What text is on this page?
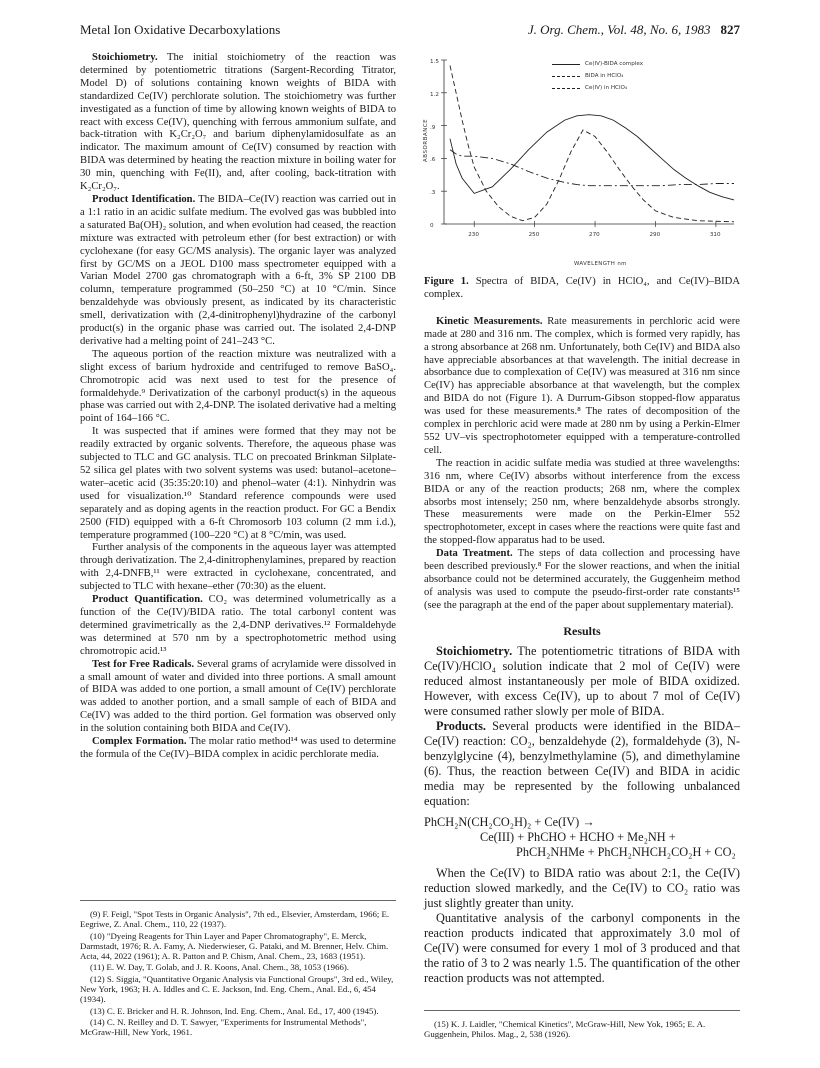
Metal Ion Oxidative Decarboxylations	J. Org. Chem., Vol. 48, No. 6, 1983 827

Stoichiometry. The initial stoichiometry of the reaction was determined by potentiometric titrations (Sargent-Recording Titrator, Model D) of solutions containing known weights of BIDA with standardized Ce(IV) perchlorate solution. The stoichiometry was further investigated as a function of time by allowing known weights of BIDA to react with excess Ce(IV), quenching with ferrous ammonium sulfate, and back-titration with K₂Cr₂O₇ and barium diphenylamidosulfate as an indicator. The maximum amount of Ce(IV) consumed by reaction with BIDA was determined by heating the reaction mixture in boiling water for 30 min, quenching with Fe(II), and, after cooling, back-titration with K₂Cr₂O₇.

Product Identification. The BIDA–Ce(IV) reaction was carried out in a 1:1 ratio in an acidic sulfate medium. The evolved gas was bubbled into a saturated Ba(OH)₂ solution, and when evolution had ceased, the reaction mixture was extracted with petroleum ether (for best extraction) or with cyclohexane (for easy GC/MS analysis). The organic layer was analyzed first by GC/MS on a JEOL D100 mass spectrometer equipped with a Varian Model 2700 gas chromatograph with a 6-ft, 3% SP 2100 DB column, temperature programmed (50–250 °C) at 10 °C/min. Since benzaldehyde was obviously present, as indicated by its characteristic smell, derivatization with (2,4-dinitrophenyl)hydrazine of the carbonyl product(s) in the organic phase was carried out. The isolated 2,4-DNP derivative had a melting point of 241–243 °C.

The aqueous portion of the reaction mixture was neutralized with a slight excess of barium hydroxide and centrifuged to remove BaSO₄. Chromotropic acid was next used to test for the presence of formaldehyde.⁹ Derivatization of the carbonyl product(s) in the aqueous phase was carried out with 2,4-DNP. The isolated derivative had a melting point of 164–166 °C.

It was suspected that if amines were formed that they may not be readily extracted by organic solvents. Therefore, the aqueous phase was subjected to TLC and GC analysis. TLC on precoated Brinkman Silplate-52 silica gel plates with two solvent systems was used: butanol–acetone–water–acetic acid (35:35:20:10) and phenol–water (4:1). Ninhydrin was used for visualization.¹⁰ Standard reference compounds were used separately and as doping agents in the reaction product. For GC a Bendix 2500 (FID) equipped with a 6-ft Chromosorb 103 column (2 mm i.d.), temperature programmed (100–220 °C) at 8 °C/min, was used.

Further analysis of the components in the aqueous layer was attempted through derivatization. The 2,4-dinitrophenylamines, prepared by reaction with 2,4-DNFB,¹¹ were extracted in cyclohexane, concentrated, and subjected to TLC with hexane–ether (70:30) as the eluent.

Product Quantification. CO₂ was determined volumetrically as a function of the Ce(IV)/BIDA ratio. The total carbonyl content was determined gravimetrically as the 2,4-DNP derivatives.¹² Formaldehyde was determined at 570 nm by a spectrophotometric method using chromotropic acid.¹³

Test for Free Radicals. Several grams of acrylamide were dissolved in a small amount of water and divided into three portions. A small amount of BIDA was added to one portion, a small amount of Ce(IV) perchlorate was added to another portion, and a small sample of each of BIDA and Ce(IV) was added to the third portion. Gel formation was observed only in the solution containing both BIDA and Ce(IV).

Complex Formation. The molar ratio method¹⁴ was used to determine the formula of the Ce(IV)–BIDA complex in acidic perchlorate media.

(9) F. Feigl, "Spot Tests in Organic Analysis", 7th ed., Elsevier, Amsterdam, 1966; E. Eegriwe, Z. Anal. Chem., 110, 22 (1937).

(10) "Dyeing Reagents for Thin Layer and Paper Chromatography", E. Merck, Darmstadt, 1976; R. A. Famy, A. Niederwieser, G. Pataki, and M. Brenner, Helv. Chim. Acta, 44, 2022 (1961); A. R. Patton and P. Chism, Anal. Chem., 23, 1683 (1951).

(11) E. W. Day, T. Golab, and J. R. Koons, Anal. Chem., 38, 1053 (1966).

(12) S. Siggia, "Quantitative Organic Analysis via Functional Groups", 3rd ed., Wiley, New York, 1963; H. A. Iddles and C. E. Jackson, Ind. Eng. Chem., Anal. Ed., 6, 454 (1934).

(13) C. E. Bricker and H. R. Johnson, Ind. Eng. Chem., Anal. Ed., 17, 400 (1945).

(14) C. N. Reilley and D. T. Sawyer, "Experiments for Instrumental Methods", McGraw-Hill, New York, 1961.

Ce(IV)-BIDA complex
BIDA in HClO₄
Ce(IV) in HClO₄
ABSORBANCE
WAVELENGTH nm
0
.3
.6
.9
1.2
1.5
230	250	270	290	310
Figure 1. Spectra of BIDA, Ce(IV) in HClO₄, and Ce(IV)–BIDA complex.

Kinetic Measurements. Rate measurements in perchloric acid were made at 280 and 316 nm. The complex, which is formed very rapidly, has a strong absorbance at 268 nm. Unfortunately, both Ce(IV) and BIDA also have appreciable absorbances at that wavelength. The initial decrease in absorbance due to complexation of Ce(IV) was measured at 316 nm since Ce(IV) has appreciable absorbance at that wavelength, but the complex and BIDA do not (Figure 1). A Durrum-Gibson stopped-flow apparatus was used for these measurements.⁸ The rates of decomposition of the complex in perchloric acid were made at 280 nm by using a Perkin-Elmer 552 UV–vis spectrophotometer equipped with a temperature-controlled cell.

The reaction in acidic sulfate media was studied at three wavelengths: 316 nm, where Ce(IV) absorbs without interference from the excess BIDA or any of the reaction products; 268 nm, where the complex absorbs most intensely; 250 nm, where benzaldehyde absorbs strongly. These measurements were made on the Perkin-Elmer 552 spectrophotometer, except in cases where the reactions were quite fast and the stopped-flow apparatus had to be used.

Data Treatment. The steps of data collection and processing have been described previously.⁸ For the slower reactions, and when the initial absorbance could not be determined accurately, the Guggenheim method of analysis was used to compute the pseudo-first-order rate constants¹⁵ (see the paragraph at the end of the paper about supplementary material).

Results

Stoichiometry. The potentiometric titrations of BIDA with Ce(IV)/HClO₄ solution indicate that 2 mol of Ce(IV) were reduced almost instantaneously per mole of BIDA oxidized. However, with excess Ce(IV), up to about 7 mol of Ce(IV) were consumed rather slowly per mole of BIDA.

Products. Several products were identified in the BIDA–Ce(IV) reaction: CO₂, benzaldehyde (2), formaldehyde (3), N-benzylglycine (4), benzylmethylamine (5), and dimethylamine (6). Thus, the reaction between Ce(IV) and BIDA in acidic media may be represented by the following unbalanced equation:

PhCH₂N(CH₂CO₂H)₂ + Ce(IV) →
Ce(III) + PhCHO + HCHO + Me₂NH +
PhCH₂NHMe + PhCH₂NHCH₂CO₂H + CO₂

When the Ce(IV) to BIDA ratio was about 2:1, the Ce(IV) reduction slowed markedly, and the Ce(IV) to CO₂ ratio was just slightly greater than unity.

Quantitative analysis of the carbonyl components in the reaction products indicated that approximately 3.0 mol of Ce(IV) were consumed for every 1 mol of 3 produced and that the ratio of 3 to 2 was nearly 1.5. The quantification of the other reaction products was not attempted.

(15) K. J. Laidler, "Chemical Kinetics", McGraw-Hill, New Yok, 1965; E. A. Guggenhein, Philos. Mag., 2, 538 (1926).
